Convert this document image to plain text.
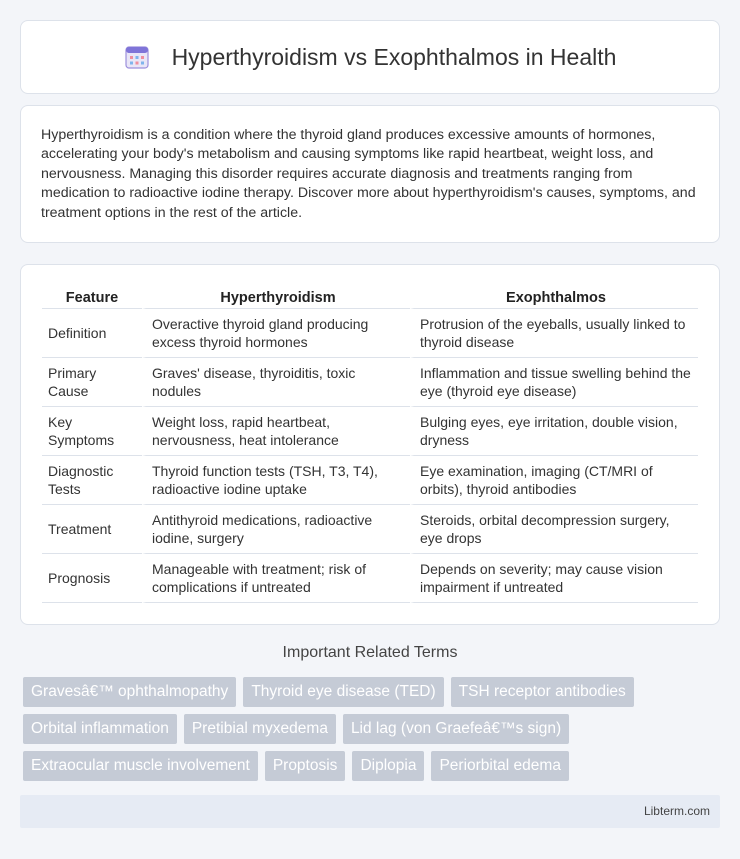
Hyperthyroidism vs Exophthalmos in Health

Hyperthyroidism is a condition where the thyroid gland produces excessive amounts of hormones, accelerating your body's metabolism and causing symptoms like rapid heartbeat, weight loss, and nervousness. Managing this disorder requires accurate diagnosis and treatments ranging from medication to radioactive iodine therapy. Discover more about hyperthyroidism's causes, symptoms, and treatment options in the rest of the article.

Feature	Hyperthyroidism	Exophthalmos
Definition	Overactive thyroid gland producing excess thyroid hormones	Protrusion of the eyeballs, usually linked to thyroid disease
Primary Cause	Graves' disease, thyroiditis, toxic nodules	Inflammation and tissue swelling behind the eye (thyroid eye disease)
Key Symptoms	Weight loss, rapid heartbeat, nervousness, heat intolerance	Bulging eyes, eye irritation, double vision, dryness
Diagnostic Tests	Thyroid function tests (TSH, T3, T4), radioactive iodine uptake	Eye examination, imaging (CT/MRI of orbits), thyroid antibodies
Treatment	Antithyroid medications, radioactive iodine, surgery	Steroids, orbital decompression surgery, eye drops
Prognosis	Manageable with treatment; risk of complications if untreated	Depends on severity; may cause vision impairment if untreated
Important Related Terms
Gravesâ€™ ophthalmopathy	Thyroid eye disease (TED)	TSH receptor antibodies
Orbital inflammation	Pretibial myxedema	Lid lag (von Graefeâ€™s sign)
Extraocular muscle involvement	Proptosis	Diplopia	Periorbital edema
Libterm.com
